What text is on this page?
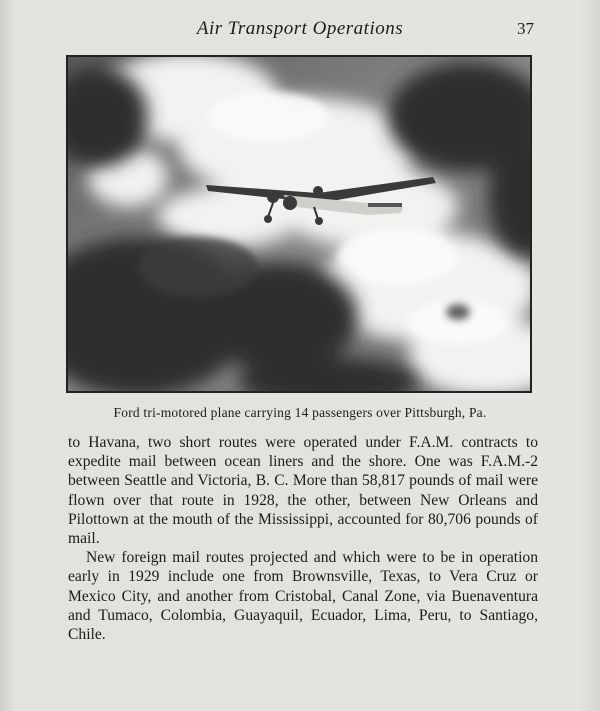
Air Transport Operations	37
Ford tri-motored plane carrying 14 passengers over Pittsburgh, Pa.

to Havana, two short routes were operated under F.A.M. contracts to expedite mail between ocean liners and the shore. One was F.A.M.-2 between Seattle and Victoria, B. C. More than 58,817 pounds of mail were flown over that route in 1928, the other, between New Orleans and Pilottown at the mouth of the Mississippi, accounted for 80,706 pounds of mail.

New foreign mail routes projected and which were to be in operation early in 1929 include one from Brownsville, Texas, to Vera Cruz or Mexico City, and another from Cristobal, Canal Zone, via Buenaventura and Tumaco, Colombia, Guayaquil, Ecuador, Lima, Peru, to Santiago, Chile.
